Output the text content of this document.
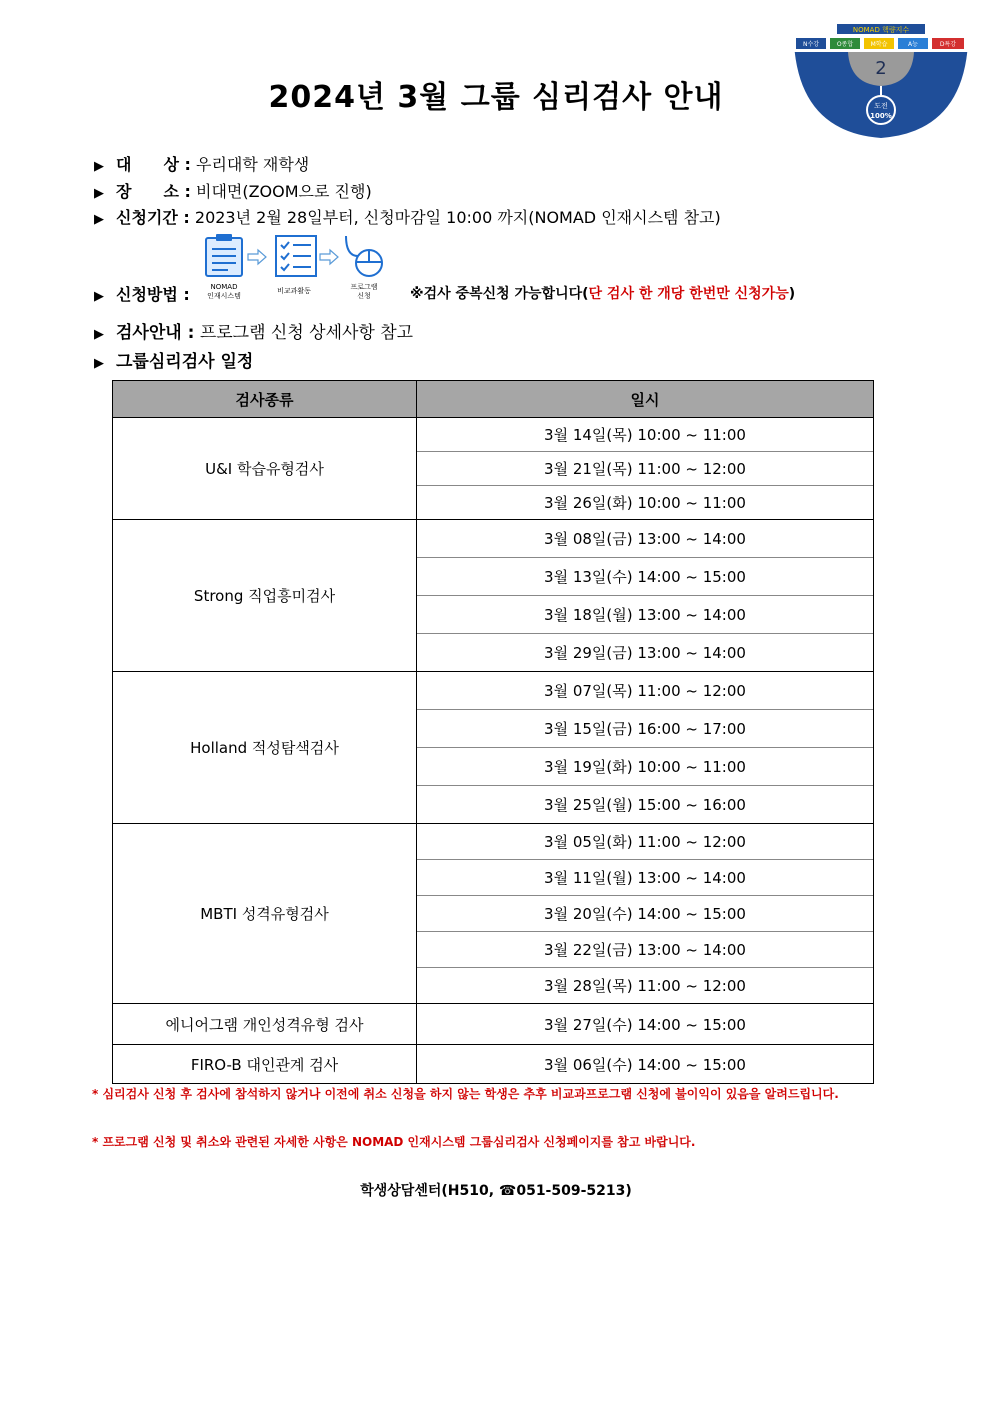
2024년 3월 그룹 심리검사 안내
NOMAD 핵량지수
N수강	O종합	M학습	A능	D특강
2
도전
100%
▶ 대　　상 : 우리대학 재학생
▶ 장　　소 : 비대면(ZOOM으로 진행)
▶ 신청기간 : 2023년 2월 28일부터, 신청마감일 10:00 까지(NOMAD 인재시스템 참고)
▶ 신청방법 :	NOMAD
인재시스템
비교과활동	프로그램
신청	※검사 중복신청 가능합니다(단 검사 한 개당 한번만 신청가능)
▶ 검사안내 : 프로그램 신청 상세사항 참고
▶ 그룹심리검사 일정
검사종류	일시
U&I 학습유형검사	3월 14일(목) 10:00 ~ 11:00
	3월 21일(목) 11:00 ~ 12:00
	3월 26일(화) 10:00 ~ 11:00
Strong 직업흥미검사	3월 08일(금) 13:00 ~ 14:00
	3월 13일(수) 14:00 ~ 15:00
	3월 18일(월) 13:00 ~ 14:00
	3월 29일(금) 13:00 ~ 14:00
Holland 적성탐색검사	3월 07일(목) 11:00 ~ 12:00
	3월 15일(금) 16:00 ~ 17:00
	3월 19일(화) 10:00 ~ 11:00
	3월 25일(월) 15:00 ~ 16:00
MBTI 성격유형검사	3월 05일(화) 11:00 ~ 12:00
	3월 11일(월) 13:00 ~ 14:00
	3월 20일(수) 14:00 ~ 15:00
	3월 22일(금) 13:00 ~ 14:00
	3월 28일(목) 11:00 ~ 12:00
에니어그램 개인성격유형 검사	3월 27일(수) 14:00 ~ 15:00
FIRO-B 대인관계 검사	3월 06일(수) 14:00 ~ 15:00
* 심리검사 신청 후 검사에 참석하지 않거나 이전에 취소 신청을 하지 않는 학생은 추후 비교과프로그램 신청에 불이익이 있음을 알려드립니다.
* 프로그램 신청 및 취소와 관련된 자세한 사항은 NOMAD 인재시스템 그룹심리검사 신청페이지를 참고 바랍니다.
학생상담센터(H510, ☎051-509-5213)
